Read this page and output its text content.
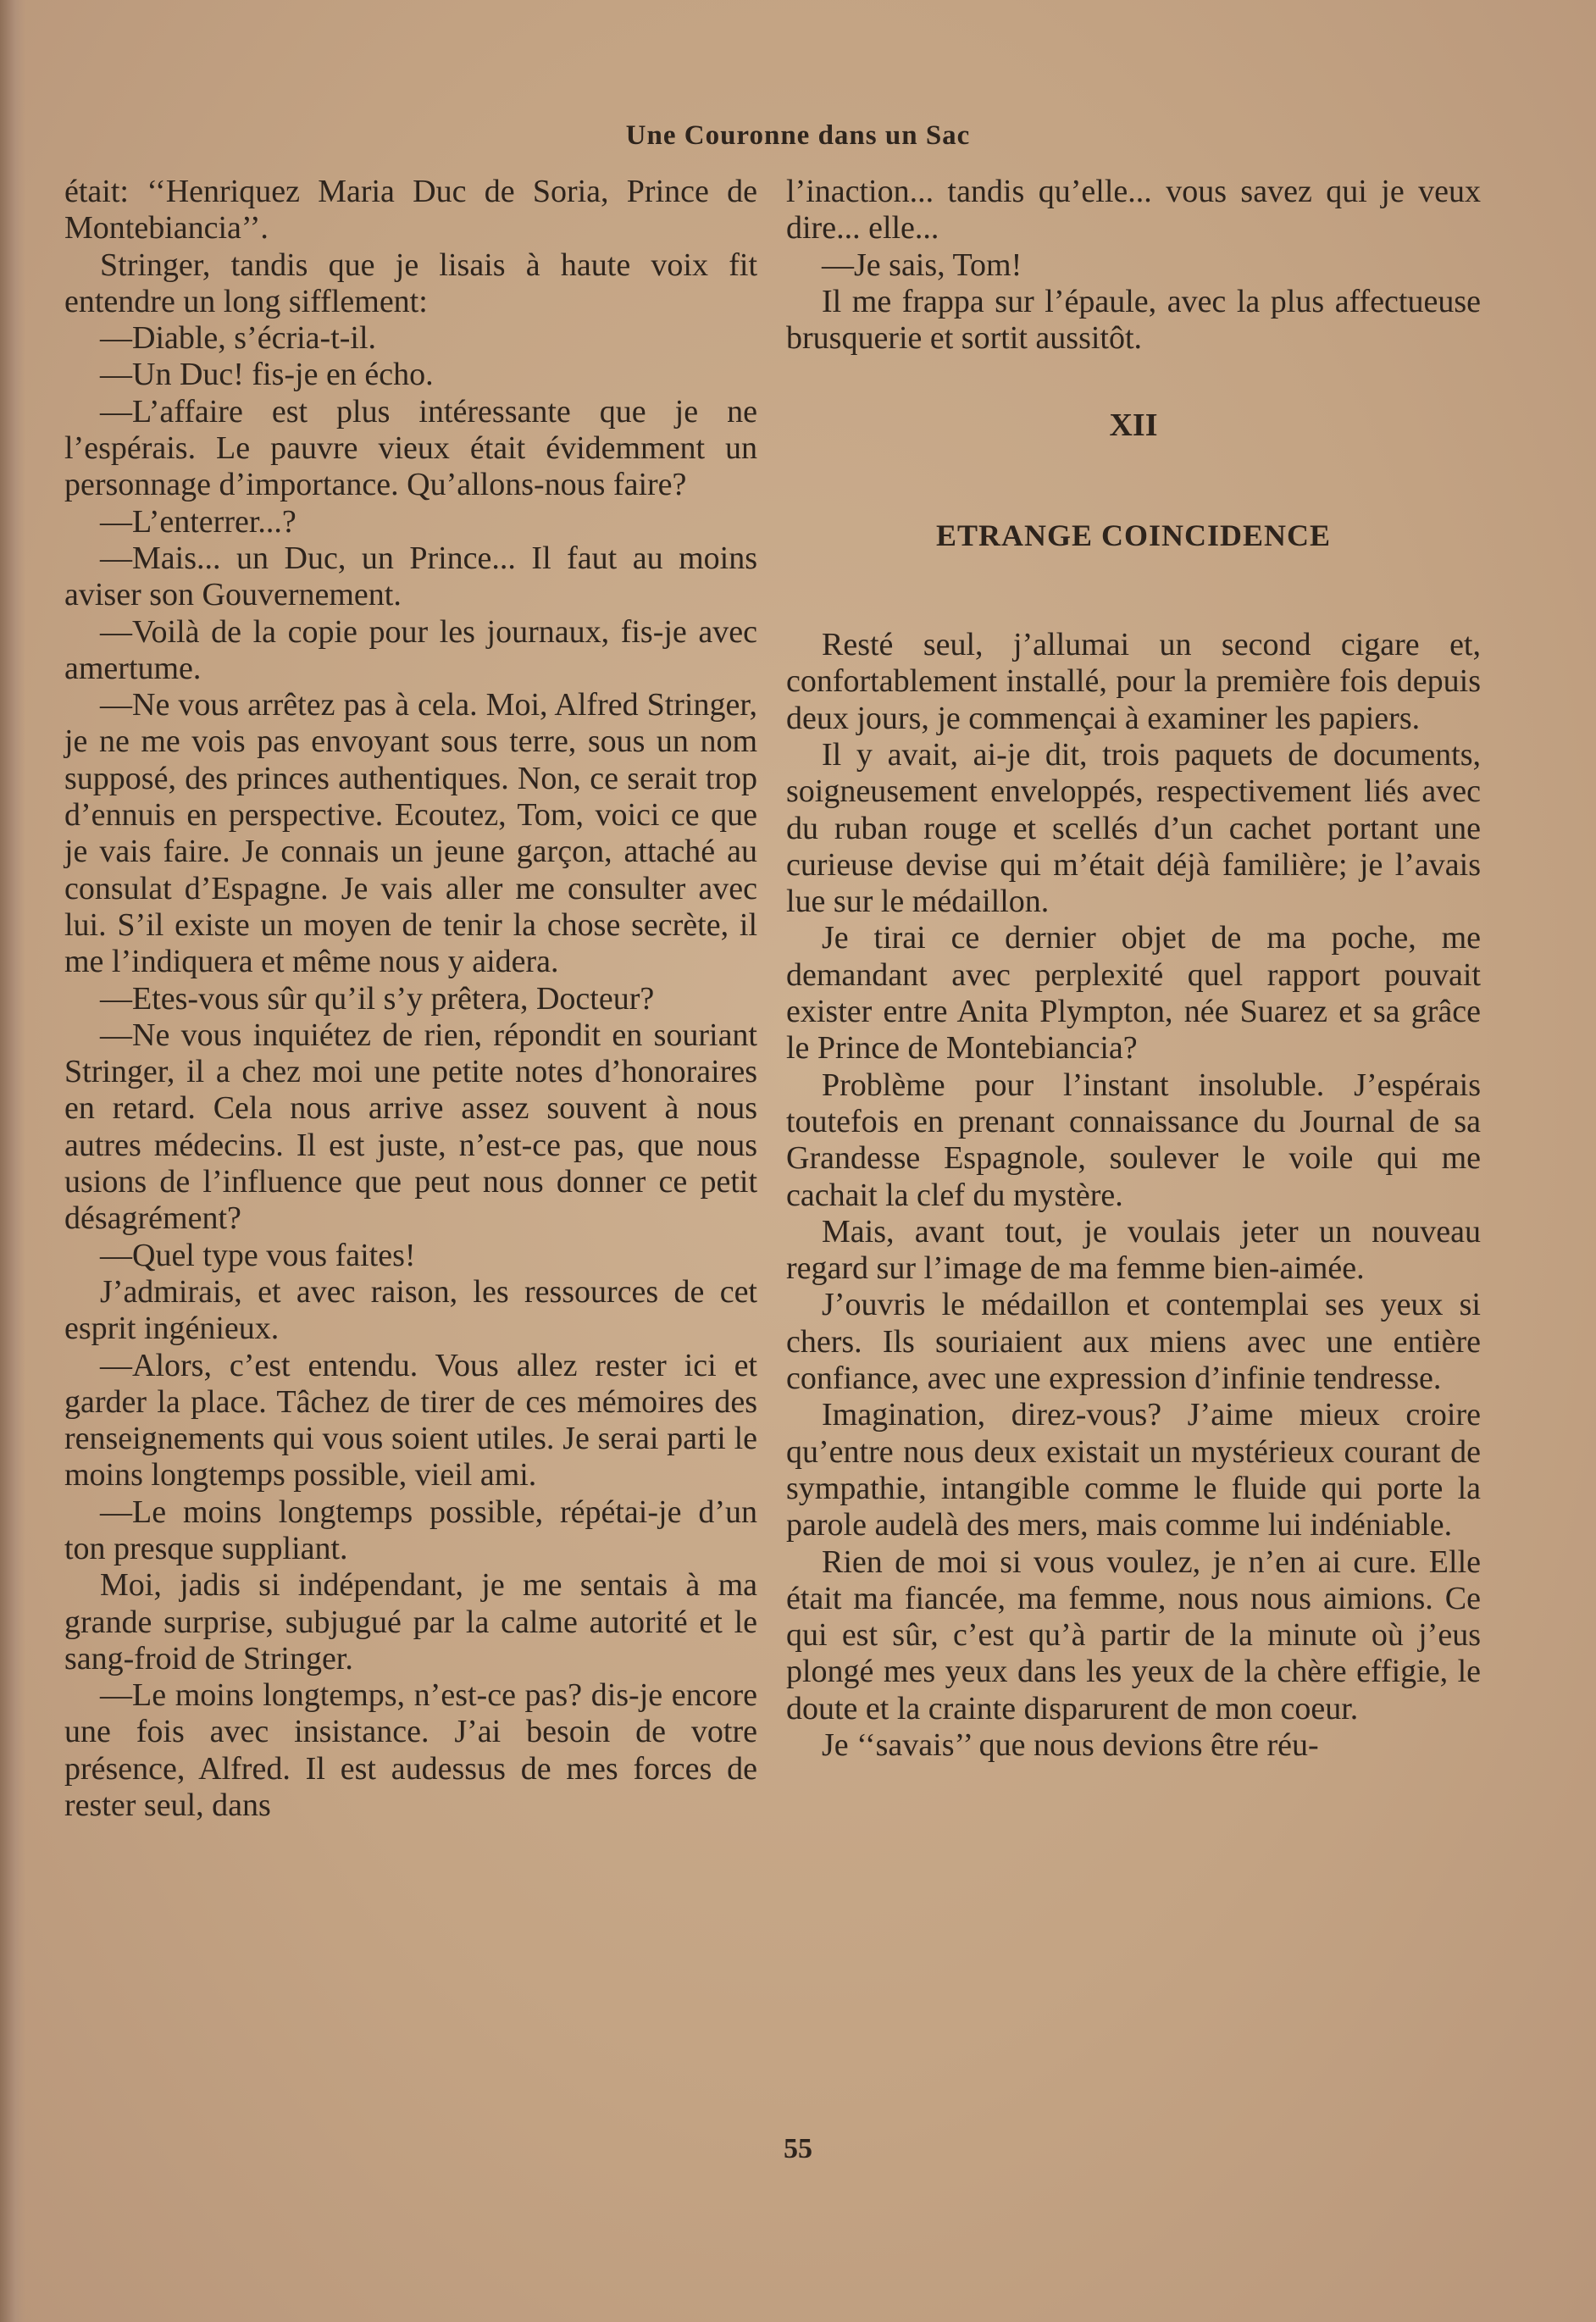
Une Couronne dans un Sac

était: ‘‘Henriquez Maria Duc de Soria, Prince de Montebiancia’’.

Stringer, tandis que je lisais à haute voix fit entendre un long sifflement:

—Diable, s’écria-t-il.

—Un Duc! fis-je en écho.

—L’affaire est plus intéressante que je ne l’espérais. Le pauvre vieux était évidemment un personnage d’importance. Qu’allons-nous faire?

—L’enterrer...?

—Mais... un Duc, un Prince... Il faut au moins aviser son Gouvernement.

—Voilà de la copie pour les journaux, fis-je avec amertume.

—Ne vous arrêtez pas à cela. Moi, Alfred Stringer, je ne me vois pas envoyant sous terre, sous un nom supposé, des princes authentiques. Non, ce serait trop d’ennuis en perspective. Ecoutez, Tom, voici ce que je vais faire. Je connais un jeune garçon, attaché au consulat d’Espagne. Je vais aller me consulter avec lui. S’il existe un moyen de tenir la chose secrète, il me l’indiquera et même nous y aidera.

—Etes-vous sûr qu’il s’y prêtera, Docteur?

—Ne vous inquiétez de rien, répondit en souriant Stringer, il a chez moi une petite notes d’honoraires en retard. Cela nous arrive assez souvent à nous autres médecins. Il est juste, n’est-ce pas, que nous usions de l’influence que peut nous donner ce petit désagrément?

—Quel type vous faites!

J’admirais, et avec raison, les ressources de cet esprit ingénieux.

—Alors, c’est entendu. Vous allez rester ici et garder la place. Tâchez de tirer de ces mémoires des renseignements qui vous soient utiles. Je serai parti le moins longtemps possible, vieil ami.

—Le moins longtemps possible, répétai-je d’un ton presque suppliant.

Moi, jadis si indépendant, je me sentais à ma grande surprise, subjugué par la calme autorité et le sang-froid de Stringer.

—Le moins longtemps, n’est-ce pas? dis-je encore une fois avec insistance. J’ai besoin de votre présence, Alfred. Il est audessus de mes forces de rester seul, dans

l’inaction... tandis qu’elle... vous savez qui je veux dire... elle...

—Je sais, Tom!

Il me frappa sur l’épaule, avec la plus affectueuse brusquerie et sortit aussitôt.

XII

ETRANGE COINCIDENCE

Resté seul, j’allumai un second cigare et, confortablement installé, pour la première fois depuis deux jours, je commençai à examiner les papiers.

Il y avait, ai-je dit, trois paquets de documents, soigneusement enveloppés, respectivement liés avec du ruban rouge et scellés d’un cachet portant une curieuse devise qui m’était déjà familière; je l’avais lue sur le médaillon.

Je tirai ce dernier objet de ma poche, me demandant avec perplexité quel rapport pouvait exister entre Anita Plympton, née Suarez et sa grâce le Prince de Montebiancia?

Problème pour l’instant insoluble. J’espérais toutefois en prenant connaissance du Journal de sa Grandesse Espagnole, soulever le voile qui me cachait la clef du mystère.

Mais, avant tout, je voulais jeter un nouveau regard sur l’image de ma femme bien-aimée.

J’ouvris le médaillon et contemplai ses yeux si chers. Ils souriaient aux miens avec une entière confiance, avec une expression d’infinie tendresse.

Imagination, direz-vous? J’aime mieux croire qu’entre nous deux existait un mystérieux courant de sympathie, intangible comme le fluide qui porte la parole audelà des mers, mais comme lui indéniable.

Rien de moi si vous voulez, je n’en ai cure. Elle était ma fiancée, ma femme, nous nous aimions. Ce qui est sûr, c’est qu’à partir de la minute où j’eus plongé mes yeux dans les yeux de la chère effigie, le doute et la crainte disparurent de mon coeur.

Je ‘‘savais’’ que nous devions être réu-

55
